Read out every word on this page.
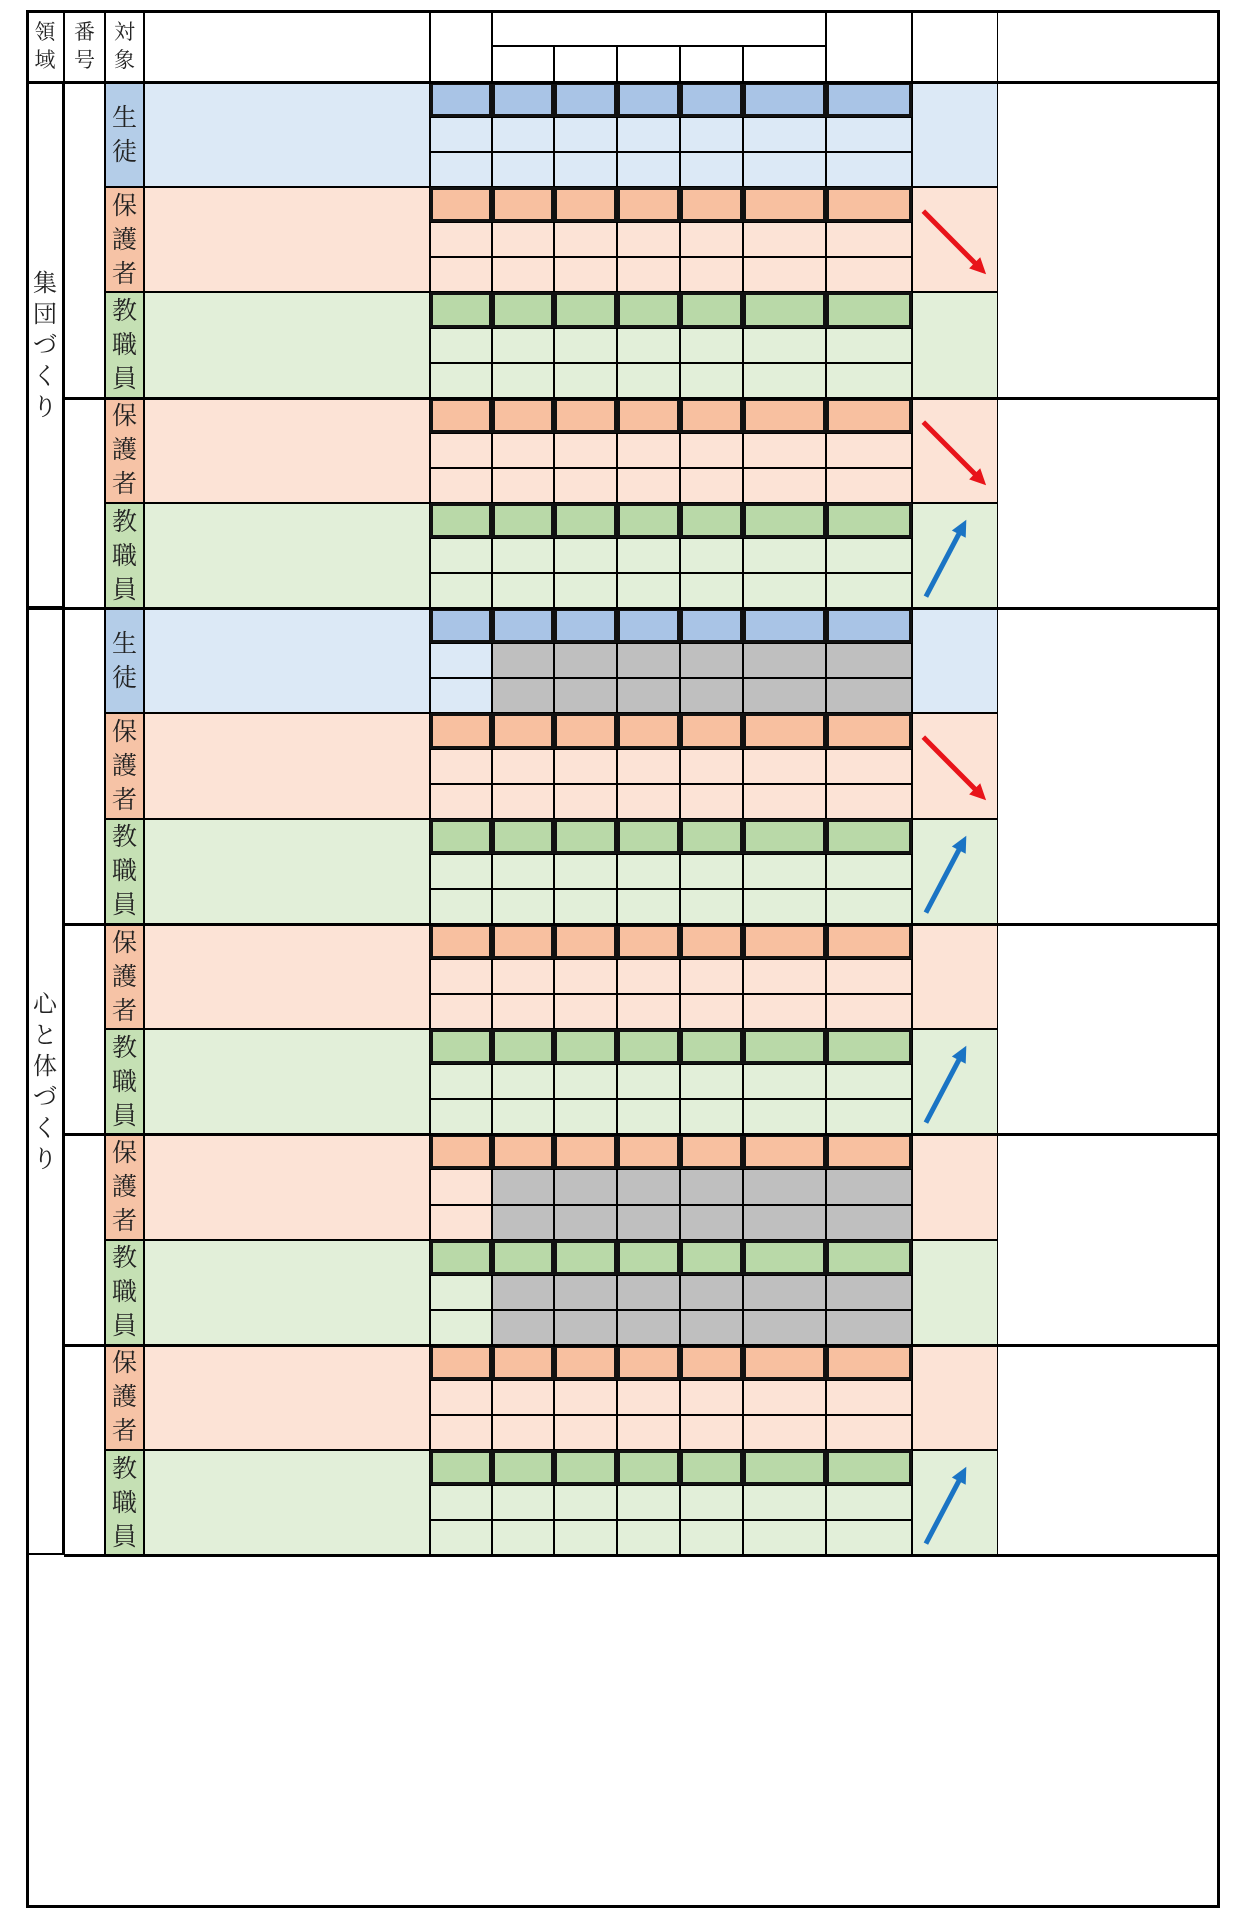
領
域
番
号
対
象
生
徒
保
護
者
教
職
員
保
護
者
教
職
員
生
徒
保
護
者
教
職
員
保
護
者
教
職
員
保
護
者
教
職
員
保
護
者
教
職
員
集
団
づ
く
り
心
と
体
づ
く
り
